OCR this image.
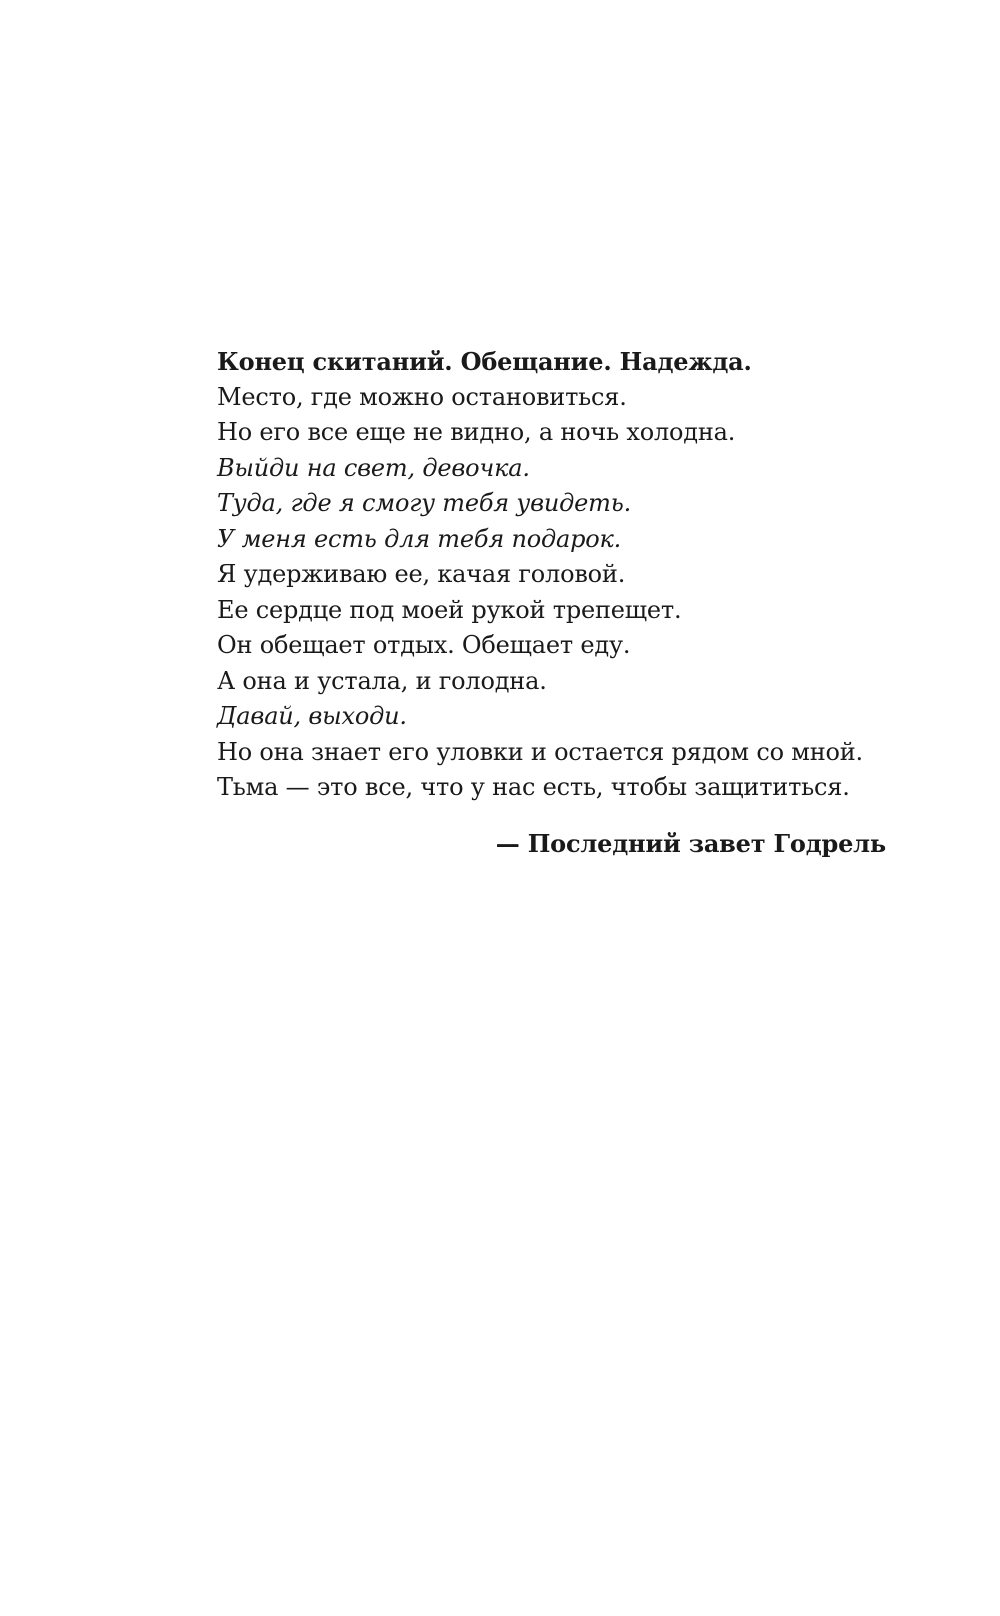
Конец скитаний. Обещание. Надежда.
Место, где можно остановиться.
Но его все еще не видно, а ночь холодна.
Выйди на свет, девочка.
Туда, где я смогу тебя увидеть.
У меня есть для тебя подарок.
Я удерживаю ее, качая головой.
Ее сердце под моей рукой трепещет.
Он обещает отдых. Обещает еду.
А она и устала, и голодна.
Давай, выходи.
Но она знает его уловки и остается рядом со мной.
Тьма — это все, что у нас есть, чтобы защититься.
— Последний завет Годрель
